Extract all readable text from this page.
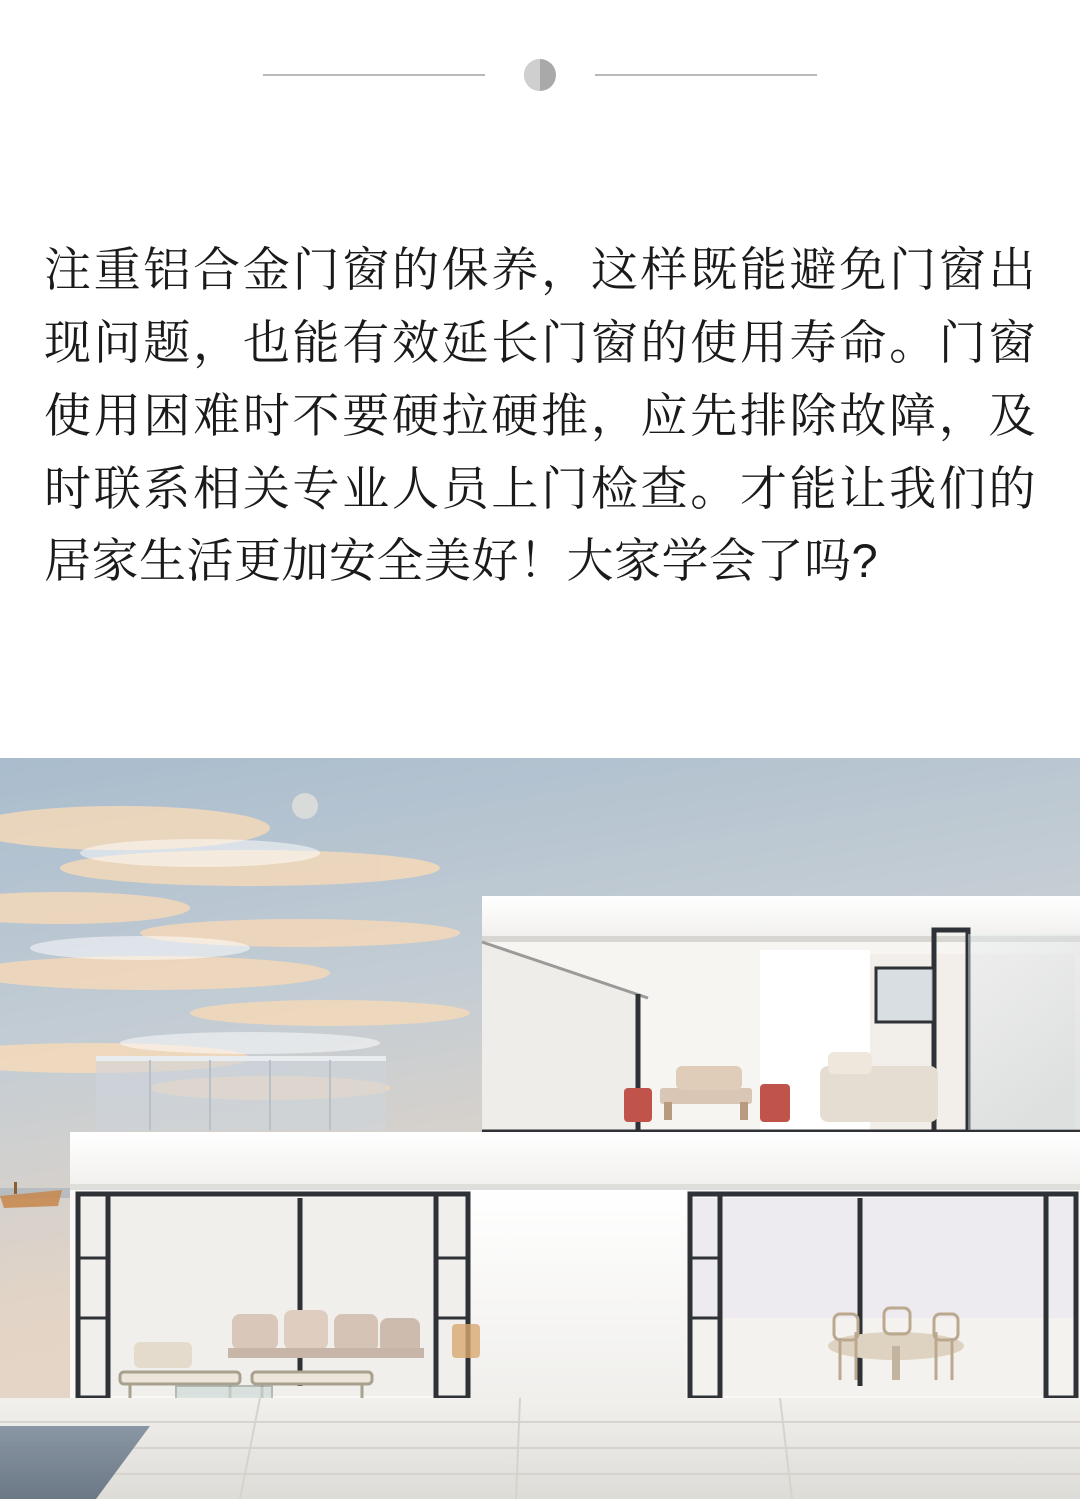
注重铝合金门窗的保养，这样既能避免门窗出现问题，也能有效延长门窗的使用寿命。门窗使用困难时不要硬拉硬推，应先排除故障，及时联系相关专业人员上门检查。才能让我们的居家生活更加安全美好！大家学会了吗?
